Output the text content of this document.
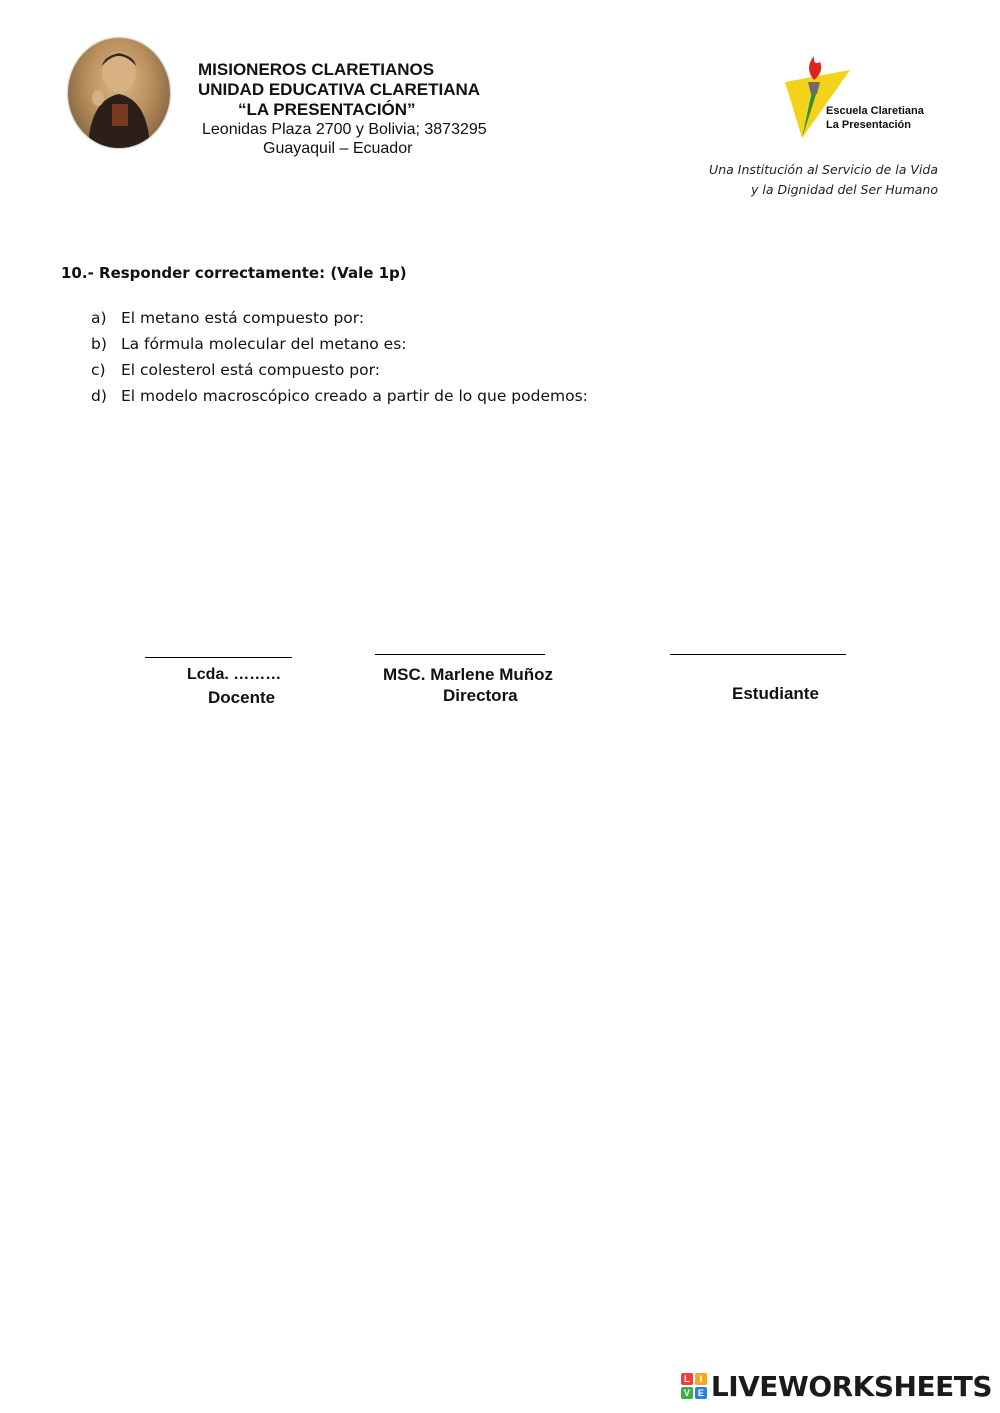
MISIONEROS CLARETIANOS
UNIDAD EDUCATIVA CLARETIANA
“LA PRESENTACIÓN”
Leonidas Plaza 2700 y Bolivia; 3873295
Guayaquil – Ecuador
Escuela Claretiana
La Presentación
Una Institución al Servicio de la Vida
y la Dignidad del Ser Humano
10.- Responder correctamente: (Vale 1p)
a) El metano está compuesto por:
b) La fórmula molecular del metano es:
c) El colesterol está compuesto por:
d) El modelo macroscópico creado a partir de lo que podemos:
Lcda. ………
Docente
MSC. Marlene Muñoz
Directora	Estudiante
L	I
V E LIVEWORKSHEETS
